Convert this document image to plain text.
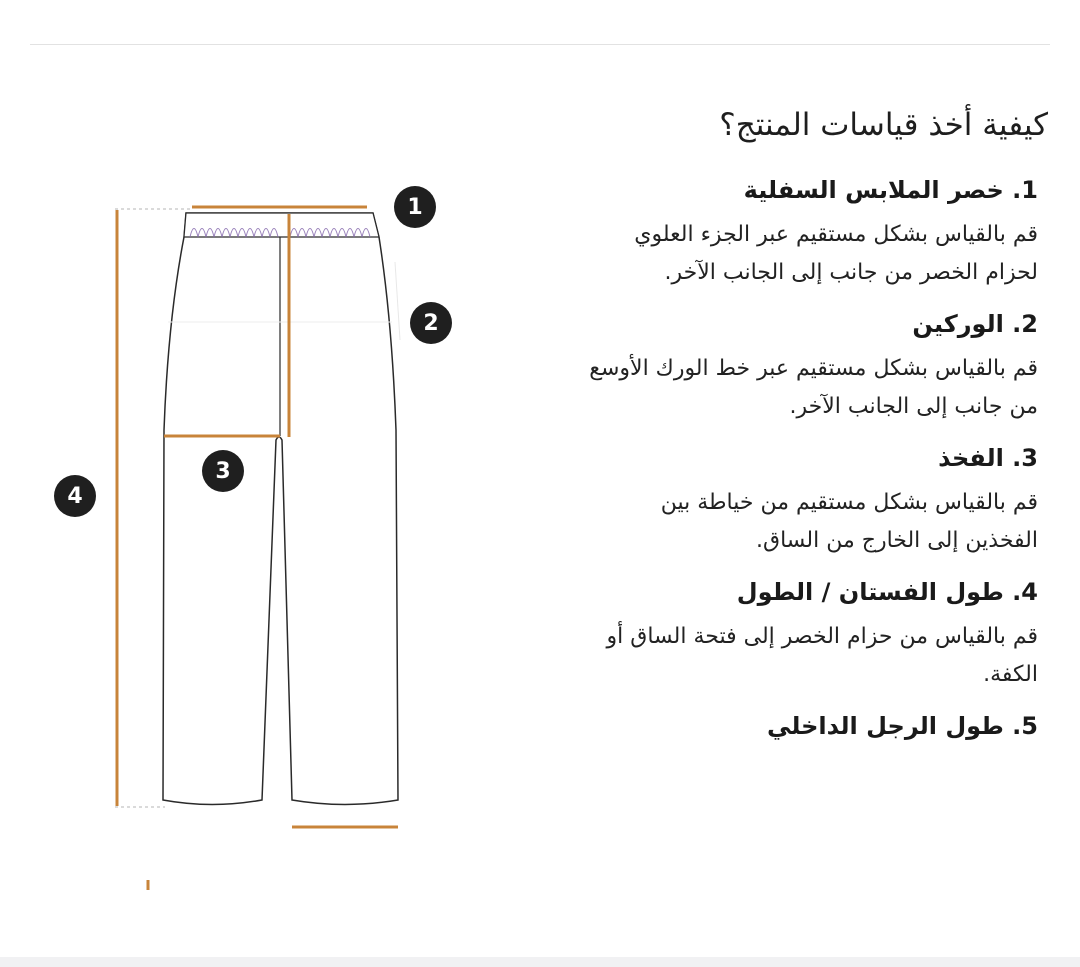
كيفية أخذ قياسات المنتج؟
1
2
3
4
1. خصر الملابس السفلية

قم بالقياس بشكل مستقيم عبر الجزء العلوي
لحزام الخصر من جانب إلى الجانب الآخر.

2. الوركين

قم بالقياس بشكل مستقيم عبر خط الورك الأوسع
من جانب إلى الجانب الآخر.

3. الفخذ

قم بالقياس بشكل مستقيم من خياطة بين
الفخذين إلى الخارج من الساق.

4. طول الفستان / الطول

قم بالقياس من حزام الخصر إلى فتحة الساق أو
الكفة.

5. طول الرجل الداخلي
